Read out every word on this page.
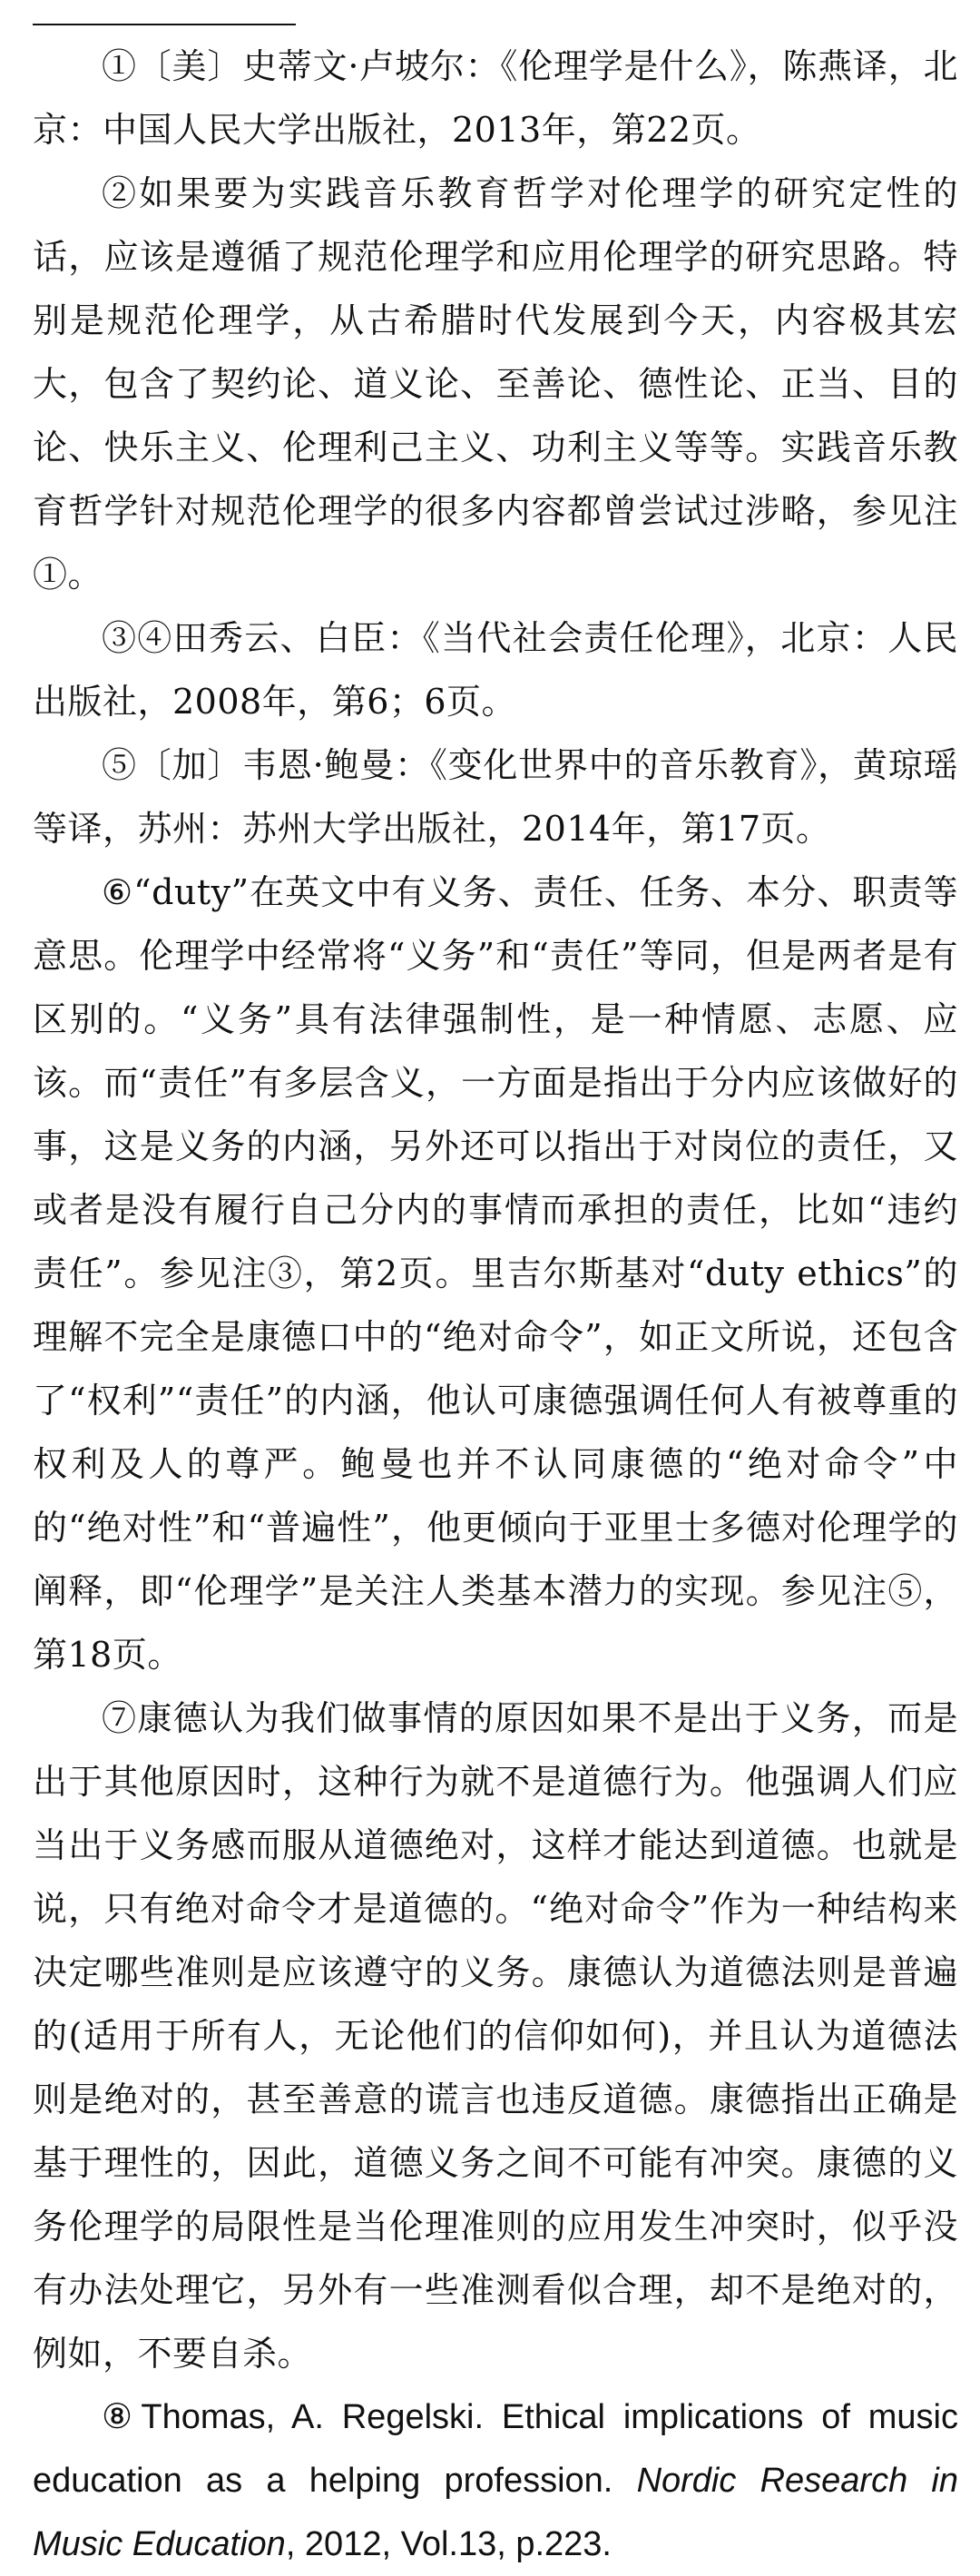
①〔美〕史蒂文·卢坡尔：《伦理学是什么》，陈燕译，北京：中国人民大学出版社，2013年，第22页。

②如果要为实践音乐教育哲学对伦理学的研究定性的话，应该是遵循了规范伦理学和应用伦理学的研究思路。特别是规范伦理学，从古希腊时代发展到今天，内容极其宏大，包含了契约论、道义论、至善论、德性论、正当、目的论、快乐主义、伦理利己主义、功利主义等等。实践音乐教育哲学针对规范伦理学的很多内容都曾尝试过涉略，参见注①。

③④田秀云、白臣：《当代社会责任伦理》，北京：人民出版社，2008年，第6；6页。

⑤〔加〕韦恩·鲍曼：《变化世界中的音乐教育》，黄琼瑶等译，苏州：苏州大学出版社，2014年，第17页。

⑥“duty”在英文中有义务、责任、任务、本分、职责等意思。伦理学中经常将“义务”和“责任”等同，但是两者是有区别的。“义务”具有法律强制性，是一种情愿、志愿、应该。而“责任”有多层含义，一方面是指出于分内应该做好的事，这是义务的内涵，另外还可以指出于对岗位的责任，又或者是没有履行自己分内的事情而承担的责任，比如“违约责任”。参见注③，第2页。里吉尔斯基对“duty ethics”的理解不完全是康德口中的“绝对命令”，如正文所说，还包含了“权利”“责任”的内涵，他认可康德强调任何人有被尊重的权利及人的尊严。鲍曼也并不认同康德的“绝对命令”中的“绝对性”和“普遍性”，他更倾向于亚里士多德对伦理学的阐释，即“伦理学”是关注人类基本潜力的实现。参见注⑤，第18页。

⑦康德认为我们做事情的原因如果不是出于义务，而是出于其他原因时，这种行为就不是道德行为。他强调人们应当出于义务感而服从道德绝对，这样才能达到道德。也就是说，只有绝对命令才是道德的。“绝对命令”作为一种结构来决定哪些准则是应该遵守的义务。康德认为道德法则是普遍的(适用于所有人，无论他们的信仰如何)，并且认为道德法则是绝对的，甚至善意的谎言也违反道德。康德指出正确是基于理性的，因此，道德义务之间不可能有冲突。康德的义务伦理学的局限性是当伦理准则的应用发生冲突时，似乎没有办法处理它，另外有一些准测看似合理，却不是绝对的，例如，不要自杀。

⑧Thomas, A. Regelski. Ethical implications of music education as a helping profession. Nordic Research in Music Education, 2012, Vol.13, p.223.
